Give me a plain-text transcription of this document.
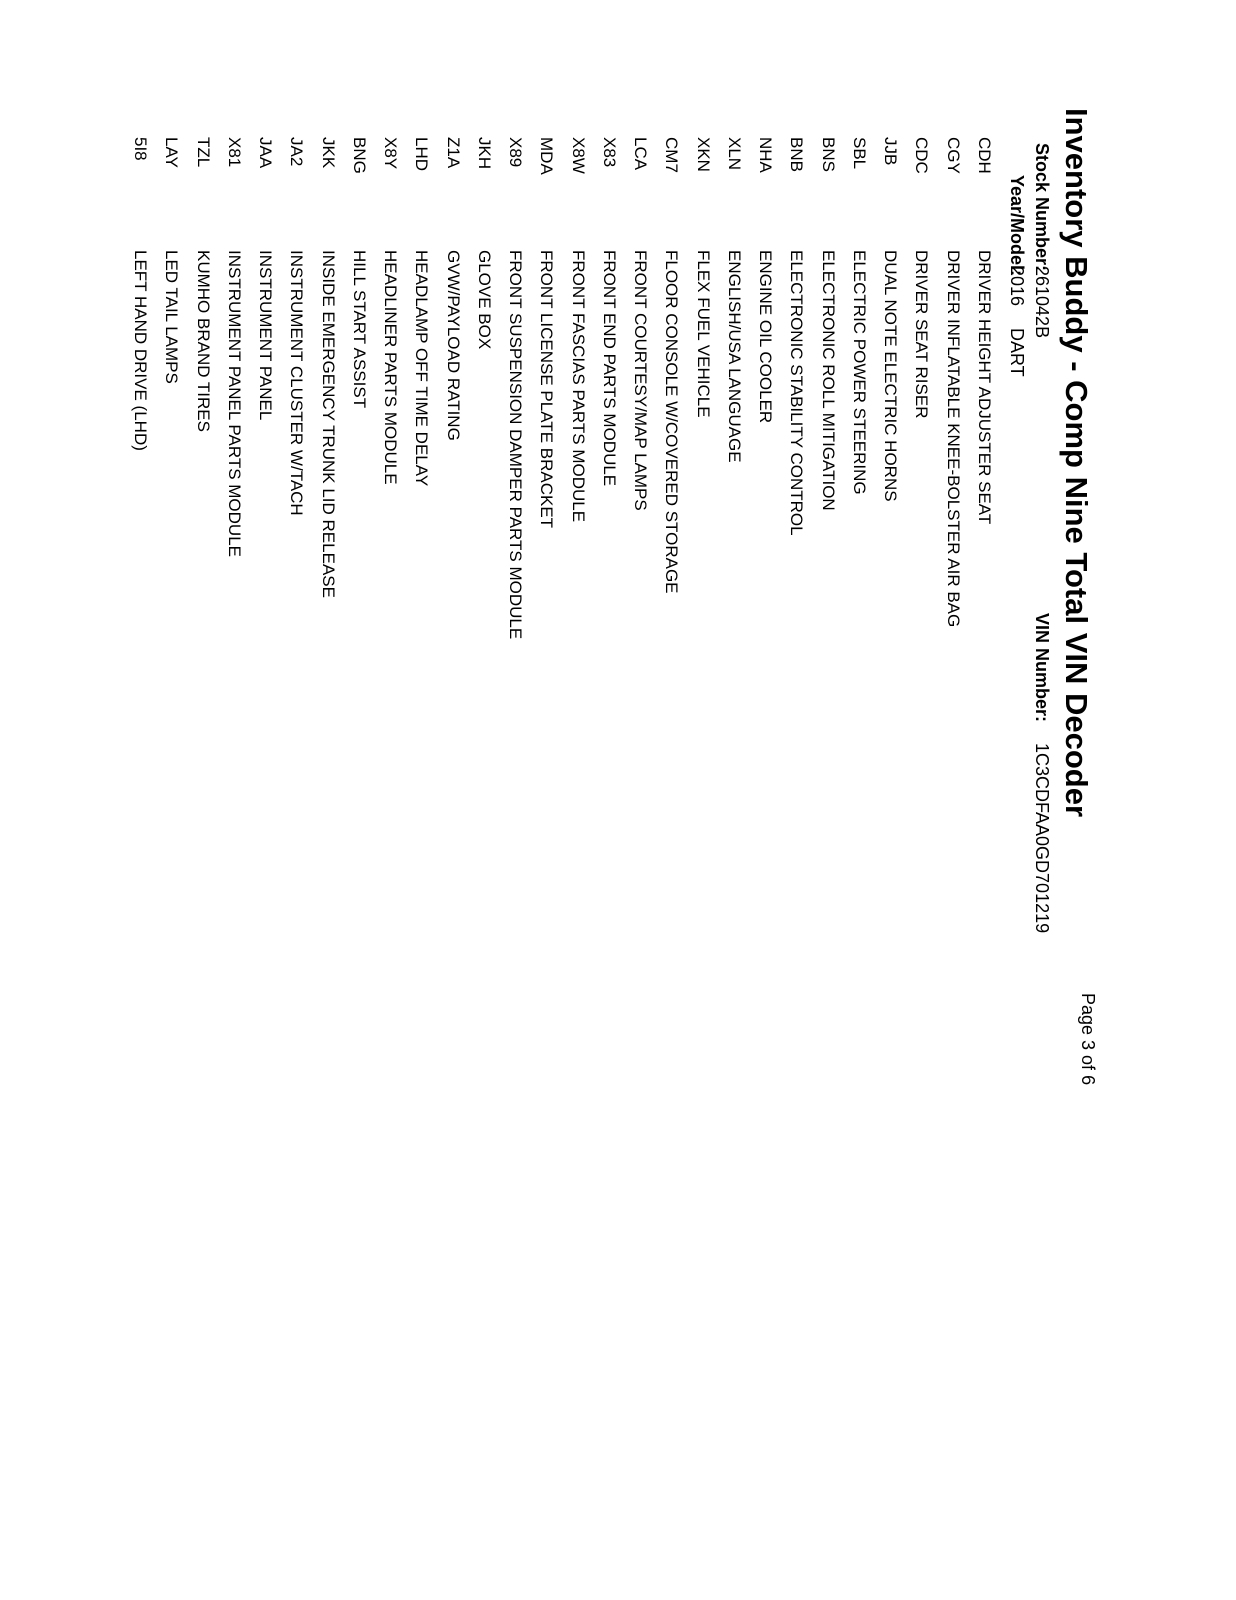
Inventory Buddy - Comp Nine Total VIN Decoder
Page 3 of 6
Stock Number:
26104​2B
VIN Number:
1C3CDFAA0GD701219
Year/Model:
2016
DART
CDH
DRIVER HEIGHT ADJUSTER SEAT
CGY
DRIVER INFLATABLE KNEE-BOLSTER AIR BAG
CDC
DRIVER SEAT RISER
JJB
DUAL NOTE ELECTRIC HORNS
SBL
ELECTRIC POWER STEERING
BNS
ELECTRONIC ROLL MITIGATION
BNB
ELECTRONIC STABILITY CONTROL
NHA
ENGINE OIL COOLER
XLN
ENGLISH/USA LANGUAGE
XKN
FLEX FUEL VEHICLE
CM7
FLOOR CONSOLE W/COVERED STORAGE
LCA
FRONT COURTESY/MAP LAMPS
X83
FRONT END PARTS MODULE
X8W
FRONT FASCIAS PARTS MODULE
MDA
FRONT LICENSE PLATE BRACKET
X89
FRONT SUSPENSION DAMPER PARTS MODULE
JKH
GLOVE BOX
Z1A
GVW/PAYLOAD RATING
LHD
HEADLAMP OFF TIME DELAY
X8Y
HEADLINER PARTS MODULE
BNG
HILL START ASSIST
JKK
INSIDE EMERGENCY TRUNK LID RELEASE
JA2
INSTRUMENT CLUSTER W/TACH
JAA
INSTRUMENT PANEL
X81
INSTRUMENT PANEL PARTS MODULE
TZL
KUMHO BRAND TIRES
LAY
LED TAIL LAMPS
5I8
LEFT HAND DRIVE (LHD)
